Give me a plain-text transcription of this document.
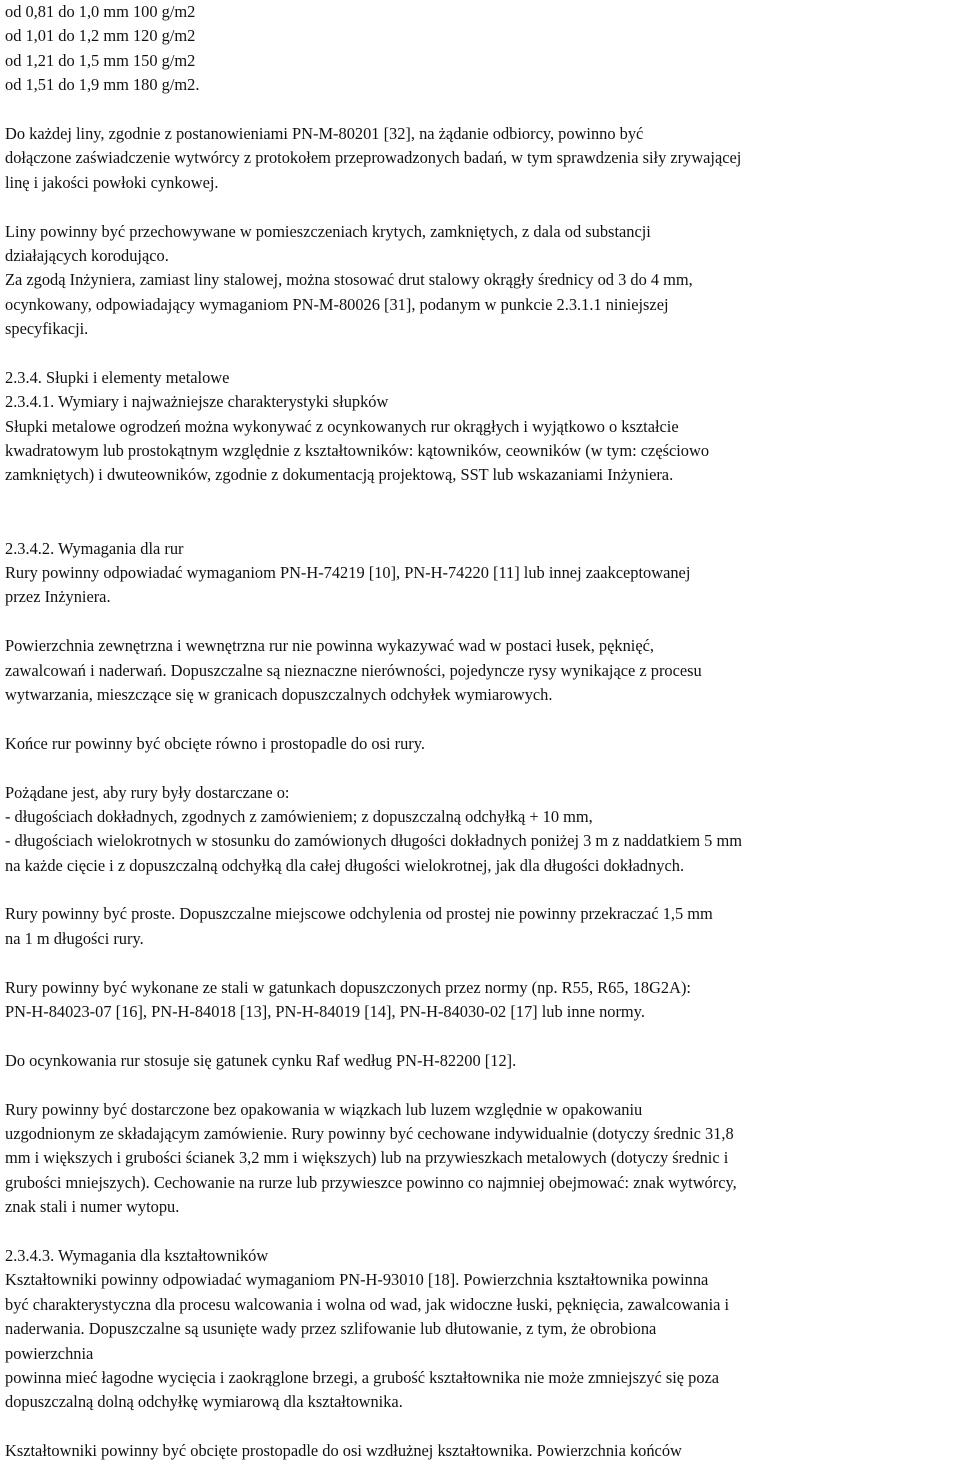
od 0,81 do 1,0 mm 100 g/m2
od 1,01 do 1,2 mm 120 g/m2
od 1,21 do 1,5 mm 150 g/m2
od 1,51 do 1,9 mm 180 g/m2.
Do każdej liny, zgodnie z postanowieniami PN-M-80201 [32], na żądanie odbiorcy, powinno być
dołączone zaświadczenie wytwórcy z protokołem przeprowadzonych badań, w tym sprawdzenia siły zrywającej
linę i jakości powłoki cynkowej.
Liny powinny być przechowywane w pomieszczeniach krytych, zamkniętych, z dala od substancji
działających korodująco.
Za zgodą Inżyniera, zamiast liny stalowej, można stosować drut stalowy okrągły średnicy od 3 do 4 mm,
ocynkowany, odpowiadający wymaganiom PN-M-80026 [31], podanym w punkcie 2.3.1.1 niniejszej
specyfikacji.
2.3.4. Słupki i elementy metalowe
2.3.4.1. Wymiary i najważniejsze charakterystyki słupków
Słupki metalowe ogrodzeń można wykonywać z ocynkowanych rur okrągłych i wyjątkowo o kształcie
kwadratowym lub prostokątnym względnie z kształtowników: kątowników, ceowników (w tym: częściowo
zamkniętych) i dwuteowników, zgodnie z dokumentacją projektową, SST lub wskazaniami Inżyniera.
2.3.4.2. Wymagania dla rur
Rury powinny odpowiadać wymaganiom PN-H-74219 [10], PN-H-74220 [11] lub innej zaakceptowanej
przez Inżyniera.
Powierzchnia zewnętrzna i wewnętrzna rur nie powinna wykazywać wad w postaci łusek, pęknięć,
zawalcowań i naderwań. Dopuszczalne są nieznaczne nierówności, pojedyncze rysy wynikające z procesu
wytwarzania, mieszczące się w granicach dopuszczalnych odchyłek wymiarowych.
Końce rur powinny być obcięte równo i prostopadle do osi rury.
Pożądane jest, aby rury były dostarczane o:
- długościach dokładnych, zgodnych z zamówieniem; z dopuszczalną odchyłką + 10 mm,
- długościach wielokrotnych w stosunku do zamówionych długości dokładnych poniżej 3 m z naddatkiem 5 mm
na każde cięcie i z dopuszczalną odchyłką dla całej długości wielokrotnej, jak dla długości dokładnych.
Rury powinny być proste. Dopuszczalne miejscowe odchylenia od prostej nie powinny przekraczać 1,5 mm
na 1 m długości rury.
Rury powinny być wykonane ze stali w gatunkach dopuszczonych przez normy (np. R55, R65, 18G2A):
PN-H-84023-07 [16], PN-H-84018 [13], PN-H-84019 [14], PN-H-84030-02 [17] lub inne normy.
Do ocynkowania rur stosuje się gatunek cynku Raf według PN-H-82200 [12].
Rury powinny być dostarczone bez opakowania w wiązkach lub luzem względnie w opakowaniu
uzgodnionym ze składającym zamówienie. Rury powinny być cechowane indywidualnie (dotyczy średnic 31,8
mm i większych i grubości ścianek 3,2 mm i większych) lub na przywieszkach metalowych (dotyczy średnic i
grubości mniejszych). Cechowanie na rurze lub przywieszce powinno co najmniej obejmować: znak wytwórcy,
znak stali i numer wytopu.
2.3.4.3. Wymagania dla kształtowników
Kształtowniki powinny odpowiadać wymaganiom PN-H-93010 [18]. Powierzchnia kształtownika powinna
być charakterystyczna dla procesu walcowania i wolna od wad, jak widoczne łuski, pęknięcia, zawalcowania i
naderwania. Dopuszczalne są usunięte wady przez szlifowanie lub dłutowanie, z tym, że obrobiona
powierzchnia
powinna mieć łagodne wycięcia i zaokrąglone brzegi, a grubość kształtownika nie może zmniejszyć się poza
dopuszczalną dolną odchyłkę wymiarową dla kształtownika.
Kształtowniki powinny być obcięte prostopadle do osi wzdłużnej kształtownika. Powierzchnia końców
